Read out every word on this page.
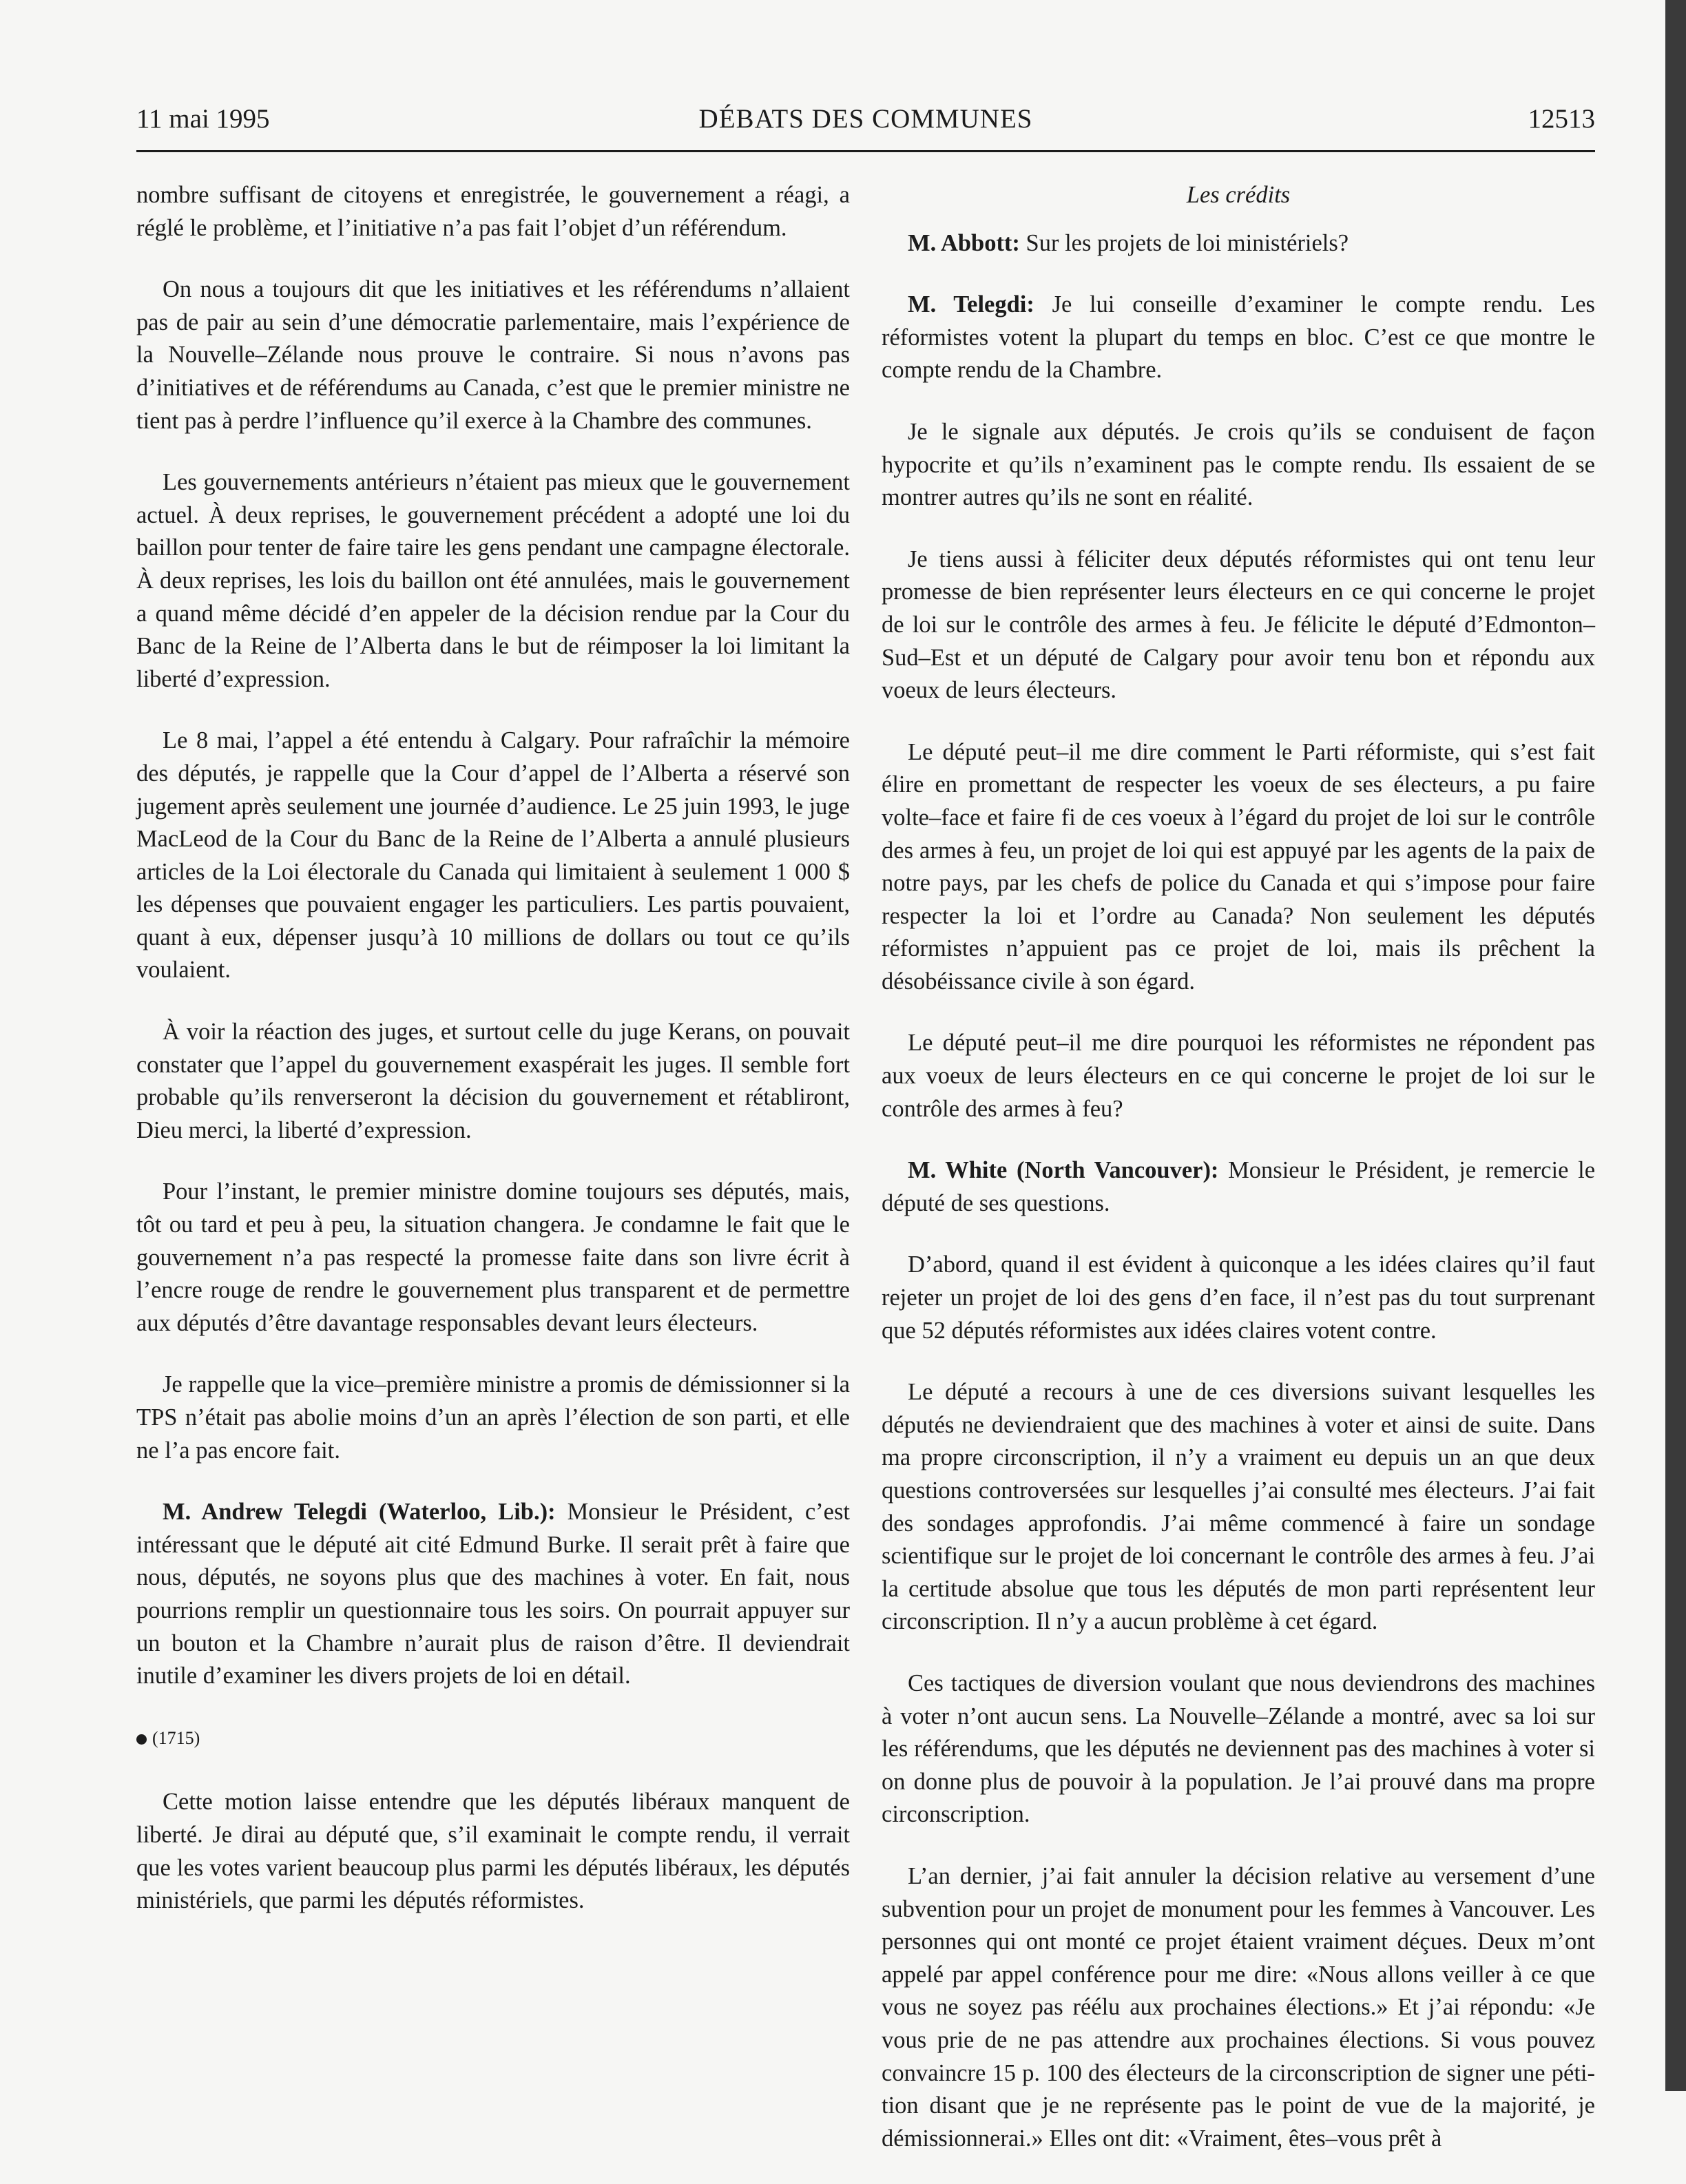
11 mai 1995	DÉBATS DES COMMUNES	12513

nombre suffisant de citoyens et enregistrée, le gouvernement a réagi, a réglé le problème, et l’initiative n’a pas fait l’objet d’un référendum.

On nous a toujours dit que les initiatives et les référendums n’allaient pas de pair au sein d’une démocratie parlementaire, mais l’expérience de la Nouvelle–Zélande nous prouve le contraire. Si nous n’avons pas d’initiatives et de référendums au Canada, c’est que le premier ministre ne tient pas à perdre l’influence qu’il exerce à la Chambre des communes.

Les gouvernements antérieurs n’étaient pas mieux que le gouvernement actuel. À deux reprises, le gouvernement précédent a adopté une loi du baillon pour tenter de faire taire les gens pendant une campagne électorale. À deux reprises, les lois du baillon ont été annulées, mais le gouvernement a quand même décidé d’en appeler de la décision rendue par la Cour du Banc de la Reine de l’Alberta dans le but de réimposer la loi limitant la liberté d’expression.

Le 8 mai, l’appel a été entendu à Calgary. Pour rafraîchir la mémoire des députés, je rappelle que la Cour d’appel de l’Alberta a réservé son jugement après seulement une journée d’audience. Le 25 juin 1993, le juge MacLeod de la Cour du Banc de la Reine de l’Alberta a annulé plusieurs articles de la Loi électorale du Canada qui limitaient à seulement 1 000 $ les dépenses que pouvaient engager les particuliers. Les partis pouvaient, quant à eux, dépenser jusqu’à 10 millions de dollars ou tout ce qu’ils voulaient.

À voir la réaction des juges, et surtout celle du juge Kerans, on pouvait constater que l’appel du gouvernement exaspérait les juges. Il semble fort probable qu’ils renverseront la décision du gouvernement et rétabliront, Dieu merci, la liberté d’expression.

Pour l’instant, le premier ministre domine toujours ses députés, mais, tôt ou tard et peu à peu, la situation changera. Je condamne le fait que le gouvernement n’a pas respecté la promesse faite dans son livre écrit à l’encre rouge de rendre le gouvernement plus transparent et de permettre aux députés d’être davantage responsables devant leurs électeurs.

Je rappelle que la vice–première ministre a promis de démissionner si la TPS n’était pas abolie moins d’un an après l’élection de son parti, et elle ne l’a pas encore fait.

M. Andrew Telegdi (Waterloo, Lib.): Monsieur le Président, c’est intéressant que le député ait cité Edmund Burke. Il serait prêt à faire que nous, députés, ne soyons plus que des machines à voter. En fait, nous pourrions remplir un questionnaire tous les soirs. On pourrait appuyer sur un bouton et la Chambre n’aurait plus de raison d’être. Il deviendrait inutile d’examiner les divers projets de loi en détail.

(1715)

Cette motion laisse entendre que les députés libéraux manquent de liberté. Je dirai au député que, s’il examinait le compte rendu, il verrait que les votes varient beaucoup plus parmi les députés libéraux, les députés ministériels, que parmi les députés réformistes.

Les crédits

M. Abbott: Sur les projets de loi ministériels?

M. Telegdi: Je lui conseille d’examiner le compte rendu. Les réformistes votent la plupart du temps en bloc. C’est ce que montre le compte rendu de la Chambre.

Je le signale aux députés. Je crois qu’ils se conduisent de façon hypocrite et qu’ils n’examinent pas le compte rendu. Ils essaient de se montrer autres qu’ils ne sont en réalité.

Je tiens aussi à féliciter deux députés réformistes qui ont tenu leur promesse de bien représenter leurs électeurs en ce qui concerne le projet de loi sur le contrôle des armes à feu. Je félicite le député d’Edmonton–Sud–Est et un député de Calgary pour avoir tenu bon et répondu aux voeux de leurs électeurs.

Le député peut–il me dire comment le Parti réformiste, qui s’est fait élire en promettant de respecter les voeux de ses électeurs, a pu faire volte–face et faire fi de ces voeux à l’égard du projet de loi sur le contrôle des armes à feu, un projet de loi qui est appuyé par les agents de la paix de notre pays, par les chefs de police du Canada et qui s’impose pour faire respecter la loi et l’ordre au Canada? Non seulement les députés réformistes n’appuient pas ce projet de loi, mais ils prêchent la désobéissance civile à son égard.

Le député peut–il me dire pourquoi les réformistes ne répondent pas aux voeux de leurs électeurs en ce qui concerne le projet de loi sur le contrôle des armes à feu?

M. White (North Vancouver): Monsieur le Président, je remercie le député de ses questions.

D’abord, quand il est évident à quiconque a les idées claires qu’il faut rejeter un projet de loi des gens d’en face, il n’est pas du tout surprenant que 52 députés réformistes aux idées claires votent contre.

Le député a recours à une de ces diversions suivant lesquelles les députés ne deviendraient que des machines à voter et ainsi de suite. Dans ma propre circonscription, il n’y a vraiment eu depuis un an que deux questions controversées sur lesquelles j’ai consulté mes électeurs. J’ai fait des sondages approfondis. J’ai même commencé à faire un sondage scientifique sur le projet de loi concernant le contrôle des armes à feu. J’ai la certitude absolue que tous les députés de mon parti représentent leur circonscription. Il n’y a aucun problème à cet égard.

Ces tactiques de diversion voulant que nous deviendrons des machines à voter n’ont aucun sens. La Nouvelle–Zélande a montré, avec sa loi sur les référendums, que les députés ne deviennent pas des machines à voter si on donne plus de pouvoir à la population. Je l’ai prouvé dans ma propre circonscription.

L’an dernier, j’ai fait annuler la décision relative au versement d’une subvention pour un projet de monument pour les femmes à Vancouver. Les personnes qui ont monté ce projet étaient vraiment déçues. Deux m’ont appelé par appel conférence pour me dire: «Nous allons veiller à ce que vous ne soyez pas réélu aux prochaines élections.» Et j’ai répondu: «Je vous prie de ne pas attendre aux prochaines élections. Si vous pouvez convaincre 15 p. 100 des électeurs de la circonscription de signer une pétition disant que je ne représente pas le point de vue de la majorité, je démissionnerai.» Elles ont dit: «Vraiment, êtes–vous prêt à
